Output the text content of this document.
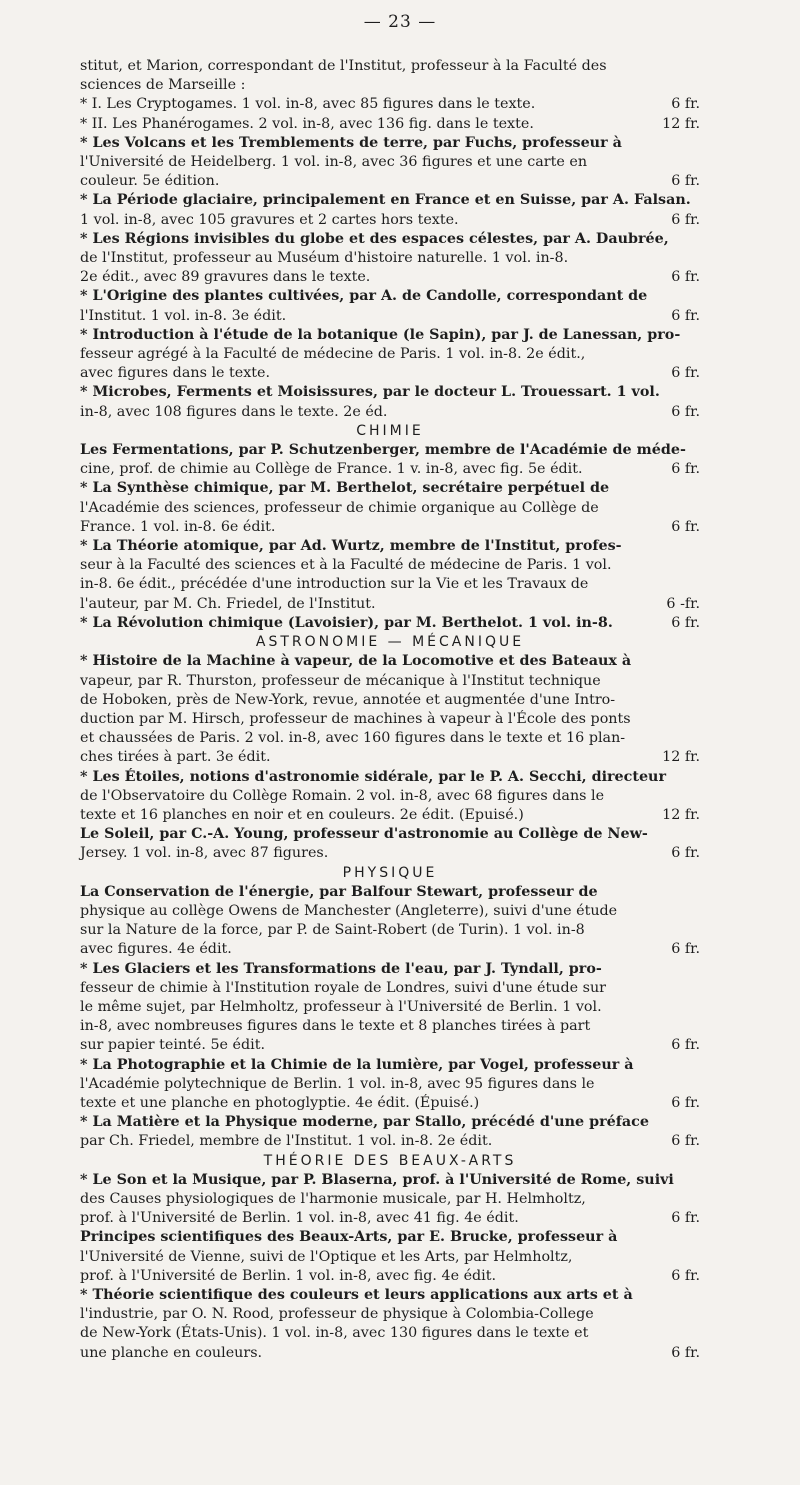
— 23 —
stitut, et Marion, correspondant de l'Institut, professeur à la Faculté des
sciences de Marseille :
* I. Les Cryptogames. 1 vol. in-8, avec 85 figures dans le texte.	6 fr.
* II. Les Phanérogames. 2 vol. in-8, avec 136 fig. dans le texte.	12 fr.
* Les Volcans et les Tremblements de terre, par Fuchs, professeur à
l'Université de Heidelberg. 1 vol. in-8, avec 36 figures et une carte en
couleur. 5e édition.	6 fr.
* La Période glaciaire, principalement en France et en Suisse, par A. Falsan.
1 vol. in-8, avec 105 gravures et 2 cartes hors texte.	6 fr.
* Les Régions invisibles du globe et des espaces célestes, par A. Daubrée,
de l'Institut, professeur au Muséum d'histoire naturelle. 1 vol. in-8.
2e édit., avec 89 gravures dans le texte.	6 fr.
* L'Origine des plantes cultivées, par A. de Candolle, correspondant de
l'Institut. 1 vol. in-8. 3e édit.	6 fr.
* Introduction à l'étude de la botanique (le Sapin), par J. de Lanessan, pro-
fesseur agrégé à la Faculté de médecine de Paris. 1 vol. in-8. 2e édit.,
avec figures dans le texte.	6 fr.
* Microbes, Ferments et Moisissures, par le docteur L. Trouessart. 1 vol.
in-8, avec 108 figures dans le texte. 2e éd.	6 fr.
CHIMIE
Les Fermentations, par P. Schutzenberger, membre de l'Académie de méde-
cine, prof. de chimie au Collège de France. 1 v. in-8, avec fig. 5e édit.	6 fr.
* La Synthèse chimique, par M. Berthelot, secrétaire perpétuel de
l'Académie des sciences, professeur de chimie organique au Collège de
France. 1 vol. in-8. 6e édit.	6 fr.
* La Théorie atomique, par Ad. Wurtz, membre de l'Institut, profes-
seur à la Faculté des sciences et à la Faculté de médecine de Paris. 1 vol.
in-8. 6e édit., précédée d'une introduction sur la Vie et les Travaux de
l'auteur, par M. Ch. Friedel, de l'Institut.	6 -fr.
* La Révolution chimique (Lavoisier), par M. Berthelot. 1 vol. in-8.	6 fr.
ASTRONOMIE — MÉCANIQUE
* Histoire de la Machine à vapeur, de la Locomotive et des Bateaux à
vapeur, par R. Thurston, professeur de mécanique à l'Institut technique
de Hoboken, près de New-York, revue, annotée et augmentée d'une Intro-
duction par M. Hirsch, professeur de machines à vapeur à l'École des ponts
et chaussées de Paris. 2 vol. in-8, avec 160 figures dans le texte et 16 plan-
ches tirées à part. 3e édit.	12 fr.
* Les Étoiles, notions d'astronomie sidérale, par le P. A. Secchi, directeur
de l'Observatoire du Collège Romain. 2 vol. in-8, avec 68 figures dans le
texte et 16 planches en noir et en couleurs. 2e édit. (Epuisé.)	12 fr.
Le Soleil, par C.-A. Young, professeur d'astronomie au Collège de New-
Jersey. 1 vol. in-8, avec 87 figures.	6 fr.
PHYSIQUE
La Conservation de l'énergie, par Balfour Stewart, professeur de
physique au collège Owens de Manchester (Angleterre), suivi d'une étude
sur la Nature de la force, par P. de Saint-Robert (de Turin). 1 vol. in-8
avec figures. 4e édit.	6 fr.
* Les Glaciers et les Transformations de l'eau, par J. Tyndall, pro-
fesseur de chimie à l'Institution royale de Londres, suivi d'une étude sur
le même sujet, par Helmholtz, professeur à l'Université de Berlin. 1 vol.
in-8, avec nombreuses figures dans le texte et 8 planches tirées à part
sur papier teinté. 5e édit.	6 fr.
* La Photographie et la Chimie de la lumière, par Vogel, professeur à
l'Académie polytechnique de Berlin. 1 vol. in-8, avec 95 figures dans le
texte et une planche en photoglyptie. 4e édit. (Épuisé.)	6 fr.
* La Matière et la Physique moderne, par Stallo, précédé d'une préface
par Ch. Friedel, membre de l'Institut. 1 vol. in-8. 2e édit.	6 fr.
THÉORIE DES BEAUX-ARTS
* Le Son et la Musique, par P. Blaserna, prof. à l'Université de Rome, suivi
des Causes physiologiques de l'harmonie musicale, par H. Helmholtz,
prof. à l'Université de Berlin. 1 vol. in-8, avec 41 fig. 4e édit.	6 fr.
Principes scientifiques des Beaux-Arts, par E. Brucke, professeur à
l'Université de Vienne, suivi de l'Optique et les Arts, par Helmholtz,
prof. à l'Université de Berlin. 1 vol. in-8, avec fig. 4e édit.	6 fr.
* Théorie scientifique des couleurs et leurs applications aux arts et à
l'industrie, par O. N. Rood, professeur de physique à Colombia-College
de New-York (États-Unis). 1 vol. in-8, avec 130 figures dans le texte et
une planche en couleurs.	6 fr.
